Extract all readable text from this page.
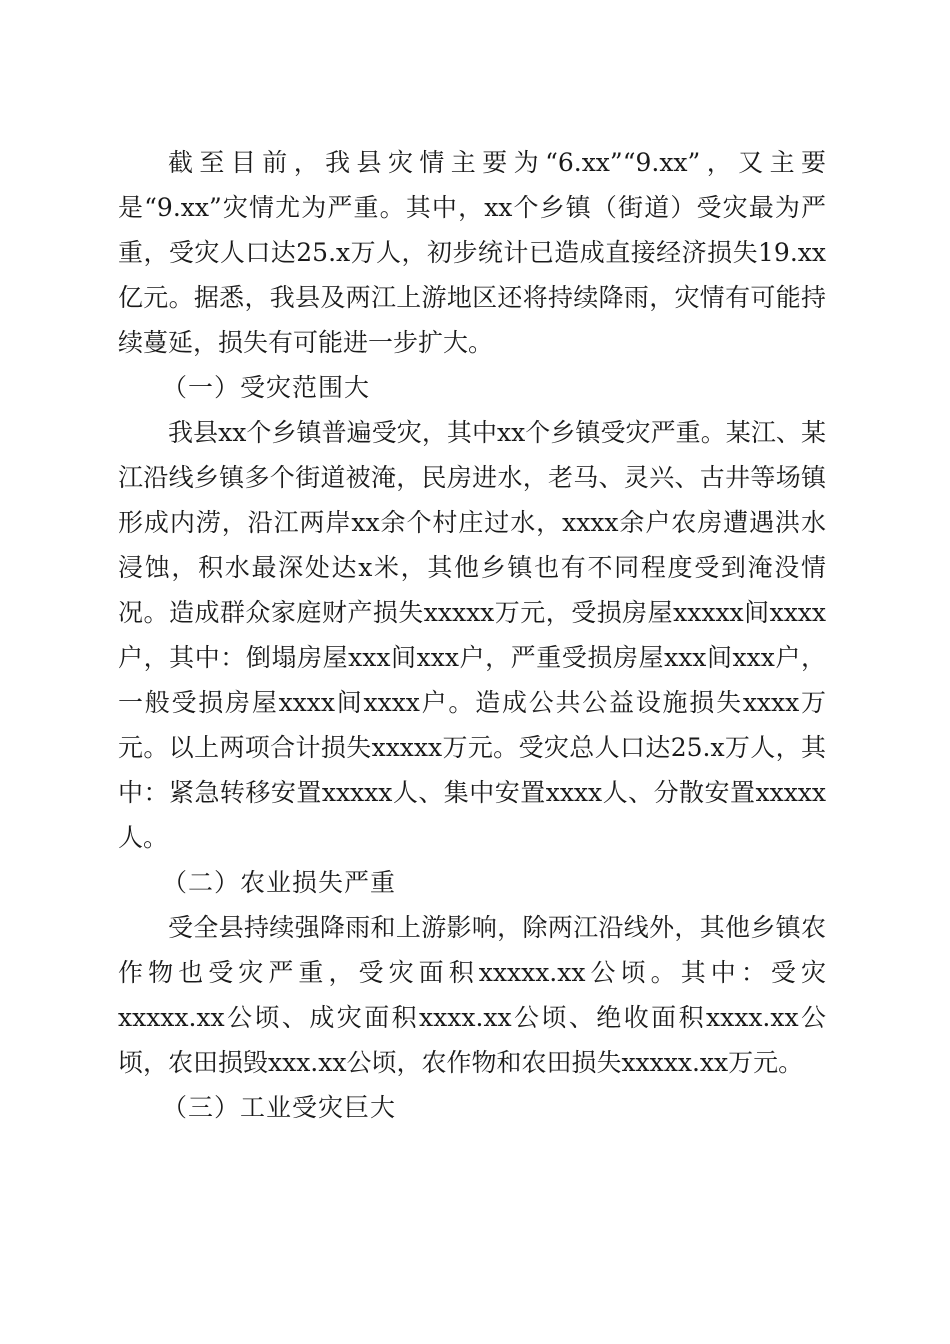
截至目前，我县灾情主要为“6.xx”“9.xx”，又主要是“9.xx”灾情尤为严重。其中，xx个乡镇（街道）受灾最为严重，受灾人口达25.x万人，初步统计已造成直接经济损失19.xx亿元。据悉，我县及两江上游地区还将持续降雨，灾情有可能持续蔓延，损失有可能进一步扩大。

（一）受灾范围大

我县xx个乡镇普遍受灾，其中xx个乡镇受灾严重。某江、某江沿线乡镇多个街道被淹，民房进水，老马、灵兴、古井等场镇形成内涝，沿江两岸xx余个村庄过水，xxxx余户农房遭遇洪水浸蚀，积水最深处达x米，其他乡镇也有不同程度受到淹没情况。造成群众家庭财产损失xxxxx万元，受损房屋xxxxx间xxxx户，其中：倒塌房屋xxx间xxx户，严重受损房屋xxx间xxx户，一般受损房屋xxxx间xxxx户。造成公共公益设施损失xxxx万元。以上两项合计损失xxxxx万元。受灾总人口达25.x万人，其中：紧急转移安置xxxxx人、集中安置xxxx人、分散安置xxxxx人。

（二）农业损失严重

受全县持续强降雨和上游影响，除两江沿线外，其他乡镇农作物也受灾严重，受灾面积xxxxx.xx公顷。其中：受灾xxxxx.xx公顷、成灾面积xxxx.xx公顷、绝收面积xxxx.xx公顷，农田损毁xxx.xx公顷，农作物和农田损失xxxxx.xx万元。

（三）工业受灾巨大
